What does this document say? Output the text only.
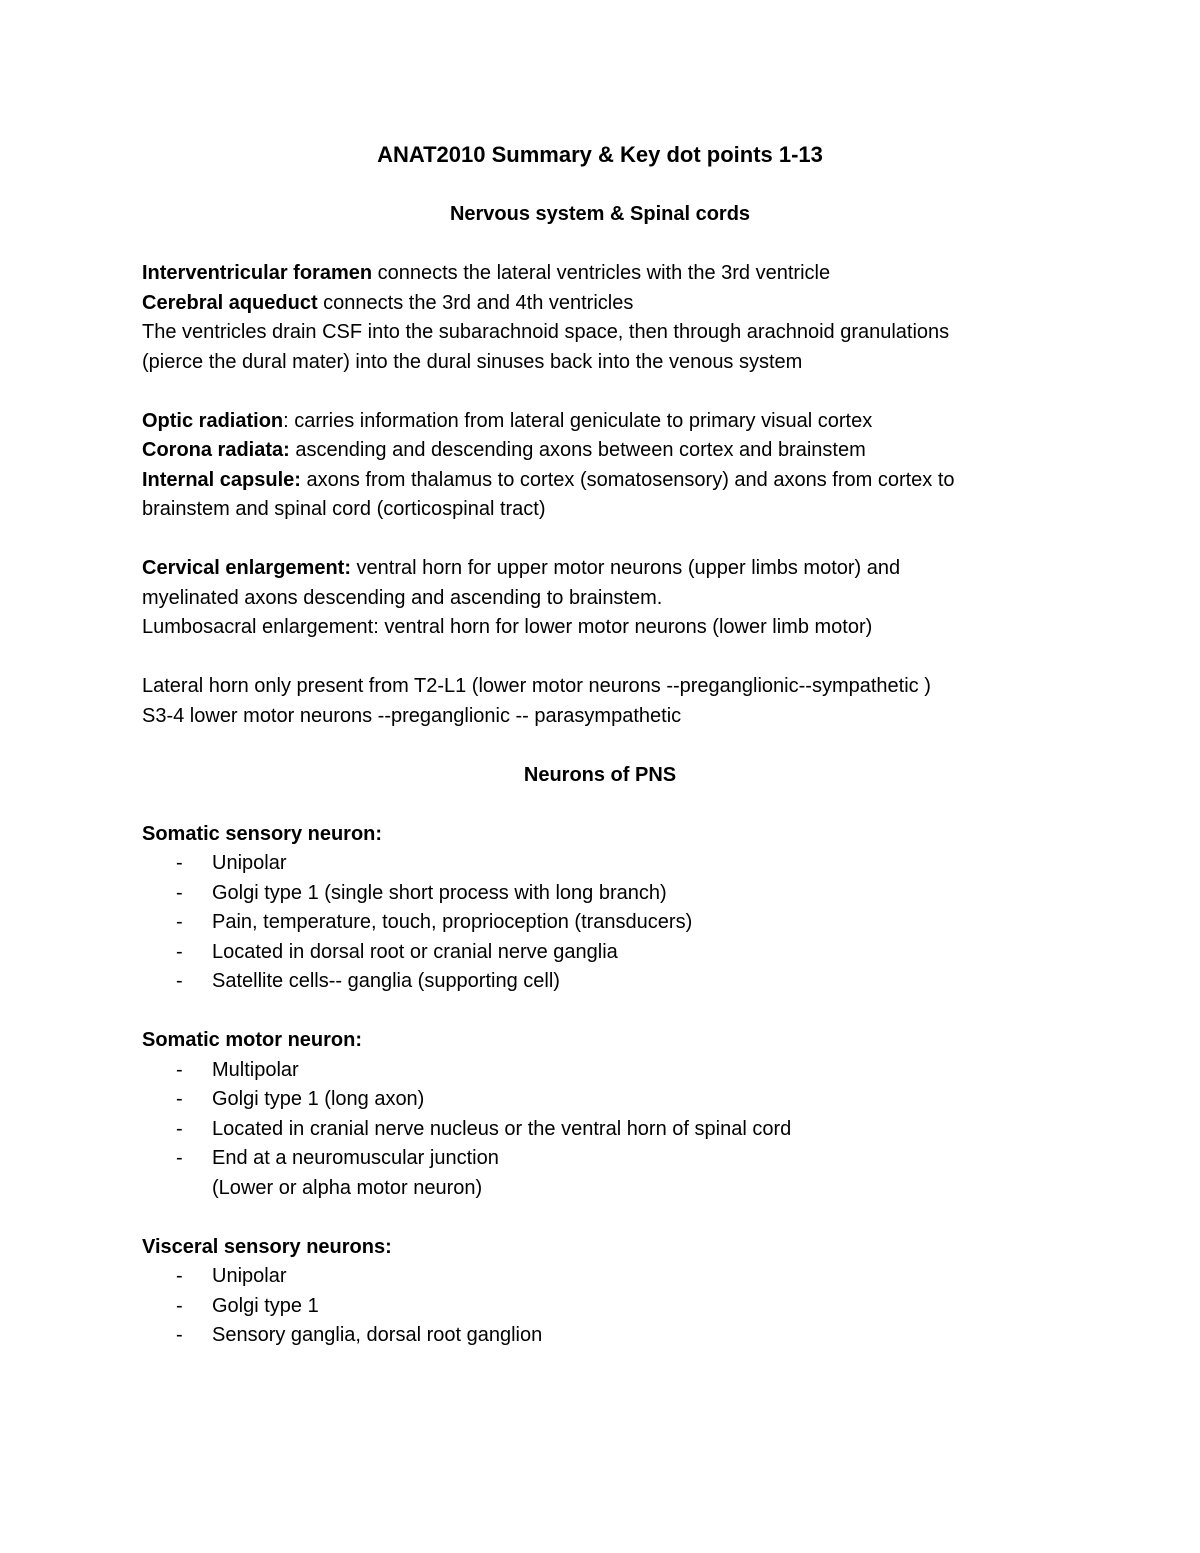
ANAT2010 Summary & Key dot points 1-13
Nervous system & Spinal cords
Interventricular foramen connects the lateral ventricles with the 3rd ventricle
Cerebral aqueduct connects the 3rd and 4th ventricles
The ventricles drain CSF into the subarachnoid space, then through arachnoid granulations
(pierce the dural mater) into the dural sinuses back into the venous system
Optic radiation: carries information from lateral geniculate to primary visual cortex
Corona radiata: ascending and descending axons between cortex and brainstem
Internal capsule: axons from thalamus to cortex (somatosensory) and axons from cortex to
brainstem and spinal cord (corticospinal tract)
Cervical enlargement: ventral horn for upper motor neurons (upper limbs motor) and
myelinated axons descending and ascending to brainstem.
Lumbosacral enlargement: ventral horn for lower motor neurons (lower limb motor)
Lateral horn only present from T2-L1 (lower motor neurons --preganglionic--sympathetic )
S3-4 lower motor neurons --preganglionic -- parasympathetic
Neurons of PNS
Somatic sensory neuron:
- Unipolar
- Golgi type 1 (single short process with long branch)
- Pain, temperature, touch, proprioception (transducers)
- Located in dorsal root or cranial nerve ganglia
- Satellite cells-- ganglia (supporting cell)
Somatic motor neuron:
- Multipolar
- Golgi type 1 (long axon)
- Located in cranial nerve nucleus or the ventral horn of spinal cord
- End at a neuromuscular junction
(Lower or alpha motor neuron)
Visceral sensory neurons:
- Unipolar
- Golgi type 1
- Sensory ganglia, dorsal root ganglion
